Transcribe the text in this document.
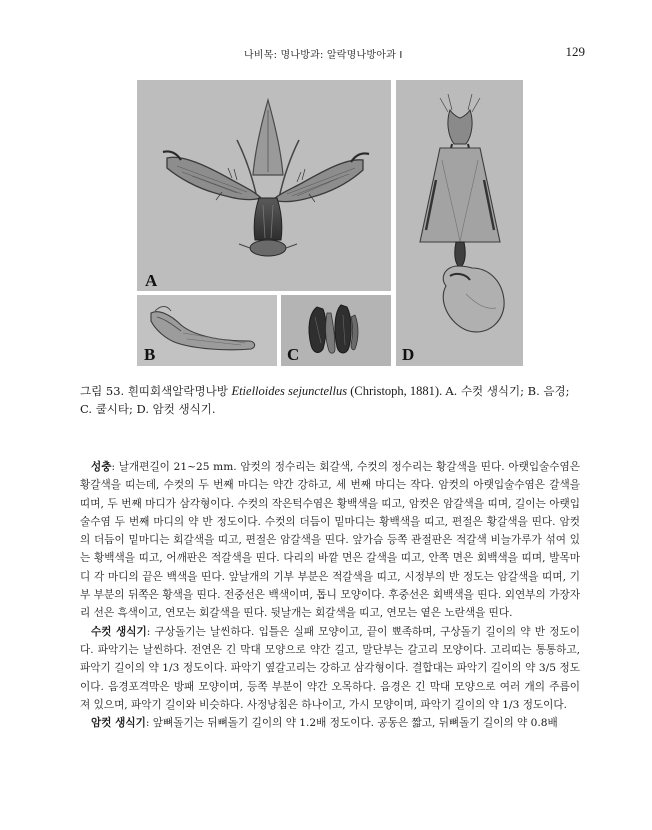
나비목: 명나방과: 알락명나방아과 I	129
A
B	C	D
그림 53. 흰띠회색알락명나방 Etielloides sejunctellus (Christoph, 1881). A. 수컷 생식기; B. 음경; C. 쿨시타; D. 암컷 생식기.

성충: 날개편길이 21~25 mm. 암컷의 정수리는 회갈색, 수컷의 정수리는 황갈색을 띤다. 아랫입술수염은 황갈색을 띠는데, 수컷의 두 번째 마디는 약간 강하고, 세 번째 마디는 작다. 암컷의 아랫입술수염은 갈색을 띠며, 두 번째 마디가 삼각형이다. 수컷의 작은턱수염은 황백색을 띠고, 암컷은 암갈색을 띠며, 길이는 아랫입술수염 두 번째 마디의 약 반 정도이다. 수컷의 더듬이 밑마디는 황백색을 띠고, 편절은 황갈색을 띤다. 암컷의 더듬이 밑마디는 회갈색을 띠고, 편절은 암갈색을 띤다. 앞가슴 등쪽 관절판은 적갈색 비늘가루가 섞여 있는 황백색을 띠고, 어깨판은 적갈색을 띤다. 다리의 바깥 면은 갈색을 띠고, 안쪽 면은 회백색을 띠며, 발목마디 각 마디의 끝은 백색을 띤다. 앞날개의 기부 부분은 적갈색을 띠고, 시정부의 반 정도는 암갈색을 띠며, 기부 부분의 뒤쪽은 황색을 띤다. 전중선은 백색이며, 톱니 모양이다. 후중선은 회백색을 띤다. 외연부의 가장자리 선은 흑색이고, 연모는 회갈색을 띤다. 뒷날개는 회갈색을 띠고, 연모는 옅은 노란색을 띤다.

수컷 생식기: 구상돌기는 날씬하다. 입틀은 실패 모양이고, 끝이 뾰족하며, 구상돌기 길이의 약 반 정도이다. 파악기는 날씬하다. 전연은 긴 막대 모양으로 약간 길고, 말단부는 갈고리 모양이다. 고리띠는 통통하고, 파악기 길이의 약 1/3 정도이다. 파악기 옆갈고리는 강하고 삼각형이다. 결합대는 파악기 길이의 약 3/5 정도이다. 음경포격막은 방패 모양이며, 등쪽 부분이 약간 오목하다. 음경은 긴 막대 모양으로 여러 개의 주름이 져 있으며, 파악기 길이와 비슷하다. 사정낭침은 하나이고, 가시 모양이며, 파악기 길이의 약 1/3 정도이다.

암컷 생식기: 앞뼈돌기는 뒤뼈돌기 길이의 약 1.2배 정도이다. 공동은 짧고, 뒤뼈돌기 길이의 약 0.8배
